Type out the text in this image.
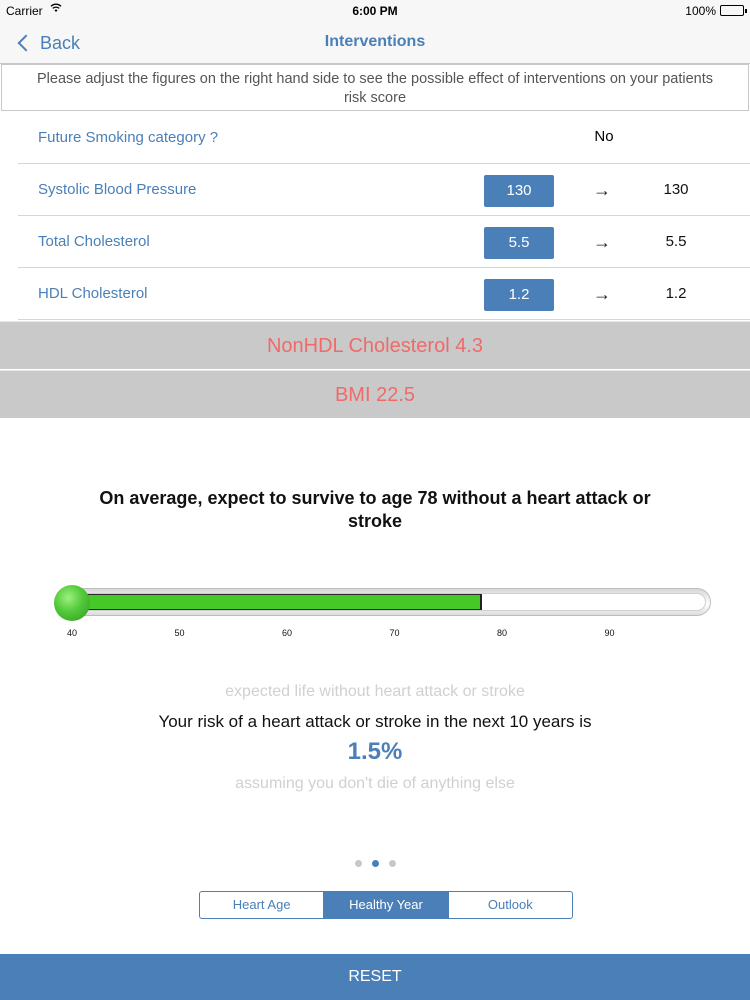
Carrier	6:00 PM	100%
Back	Interventions
Please adjust the figures on the right hand side to see the possible effect of interventions on your patients risk score
Future Smoking category ?	No
Systolic Blood Pressure	130	→	130
Total Cholesterol	5.5	→	5.5
HDL Cholesterol	1.2	→	1.2
NonHDL Cholesterol 4.3
BMI 22.5
On average, expect to survive to age 78 without a heart attack or stroke
40	50	60	70	80	90
expected life without heart attack or stroke
Your risk of a heart attack or stroke in the next 10 years is
1.5%
assuming you don't die of anything else
Heart Age	Healthy Year	Outlook
RESET
